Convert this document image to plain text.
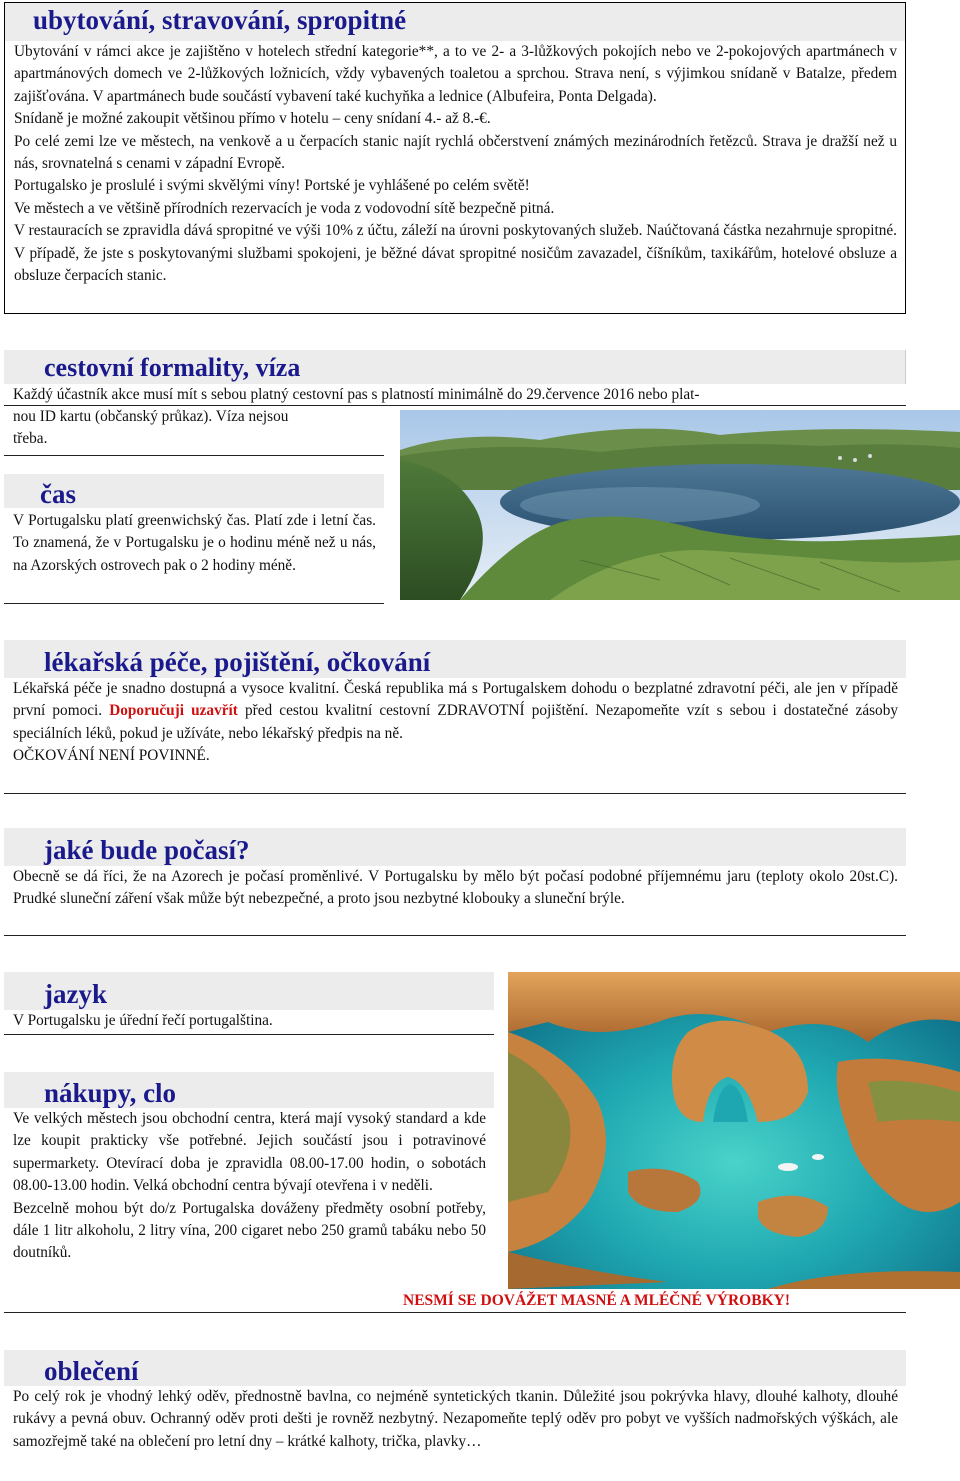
ubytování, stravování, spropitné

Ubytování v rámci akce je zajištěno v hotelech střední kategorie**, a to ve 2- a 3-lůžkových pokojích nebo ve 2-pokojových apartmánech v apartmánových domech ve 2-lůžkových ložnicích, vždy vybavených toaletou a sprchou. Strava není, s výjimkou snídaně v Batalze, předem zajišťována. V apartmánech bude součástí vybavení také kuchyňka a lednice (Albufeira, Ponta Delgada).

Snídaně je možné zakoupit většinou přímo v hotelu – ceny snídaní 4.- až 8.-€.

Po celé zemi lze ve městech, na venkově a u čerpacích stanic najít rychlá občerstvení známých mezinárodních řetězců. Strava je dražší než u nás, srovnatelná s cenami v západní Evropě.

Portugalsko je proslulé i svými skvělými víny! Portské je vyhlášené po celém světě!

Ve městech a ve většině přírodních rezervacích je voda z vodovodní sítě bezpečně pitná.

V restauracích se zpravidla dává spropitné ve výši 10% z účtu, záleží na úrovni poskytovaných služeb. Naúčtovaná částka nezahrnuje spropitné. V případě, že jste s poskytovanými službami spokojeni, je běžné dávat spropitné nosičům zavazadel, číšníkům, taxikářům, hotelové obsluze a obsluze čerpacích stanic.

cestovní formality, víza
Každý účastník akce musí mít s sebou platný cestovní pas s platností minimálně do 29.července 2016 nebo plat-
nou ID kartu (občanský průkaz). Víza nejsou
třeba.
čas
V Portugalsku platí greenwichský čas. Platí zde i letní čas. To znamená, že v Portugalsku je o hodinu méně než u nás, na Azorských ostrovech pak o 2 hodiny méně.
lékařská péče, pojištění, očkování

Lékařská péče je snadno dostupná a vysoce kvalitní. Česká republika má s Portugalskem dohodu o bezplatné zdravotní péči, ale jen v případě první pomoci. Doporučuji uzavřít před cestou kvalitní cestovní ZDRAVOTNÍ pojištění. Nezapomeňte vzít s sebou i dostatečné zásoby speciálních léků, pokud je užíváte, nebo lékařský předpis na ně.

OČKOVÁNÍ NENÍ POVINNÉ.

jaké bude počasí?
Obecně se dá říci, že na Azorech je počasí proměnlivé. V Portugalsku by mělo být počasí podobné příjemnému jaru (teploty okolo 20st.C). Prudké sluneční záření však může být nebezpečné, a proto jsou nezbytné klobouky a sluneční brýle.
jazyk
V Portugalsku je úřední řečí portugalština.
nákupy, clo

Ve velkých městech jsou obchodní centra, která mají vysoký standard a kde lze koupit prakticky vše potřebné. Jejich součástí jsou i potravinové supermarkety. Otevírací doba je zpravidla 08.00-17.00 hodin, o sobotách 08.00-13.00 hodin. Velká obchodní centra bývají otevřena i v neděli.

Bezcelně mohou být do/z Portugalska dováženy předměty osobní potřeby, dále 1 litr alkoholu, 2 litry vína, 200 cigaret nebo 250 gramů tabáku nebo 50 doutníků.

NESMÍ SE DOVÁŽET MASNÉ A MLÉČNÉ VÝROBKY!
oblečení
Po celý rok je vhodný lehký oděv, přednostně bavlna, co nejméně syntetických tkanin. Důležité jsou pokrývka hlavy, dlouhé kalhoty, dlouhé rukávy a pevná obuv. Ochranný oděv proti dešti je rovněž nezbytný. Nezapomeňte teplý oděv pro pobyt ve vyšších nadmořských výškách, ale samozřejmě také na oblečení pro letní dny – krátké kalhoty, trička, plavky…
